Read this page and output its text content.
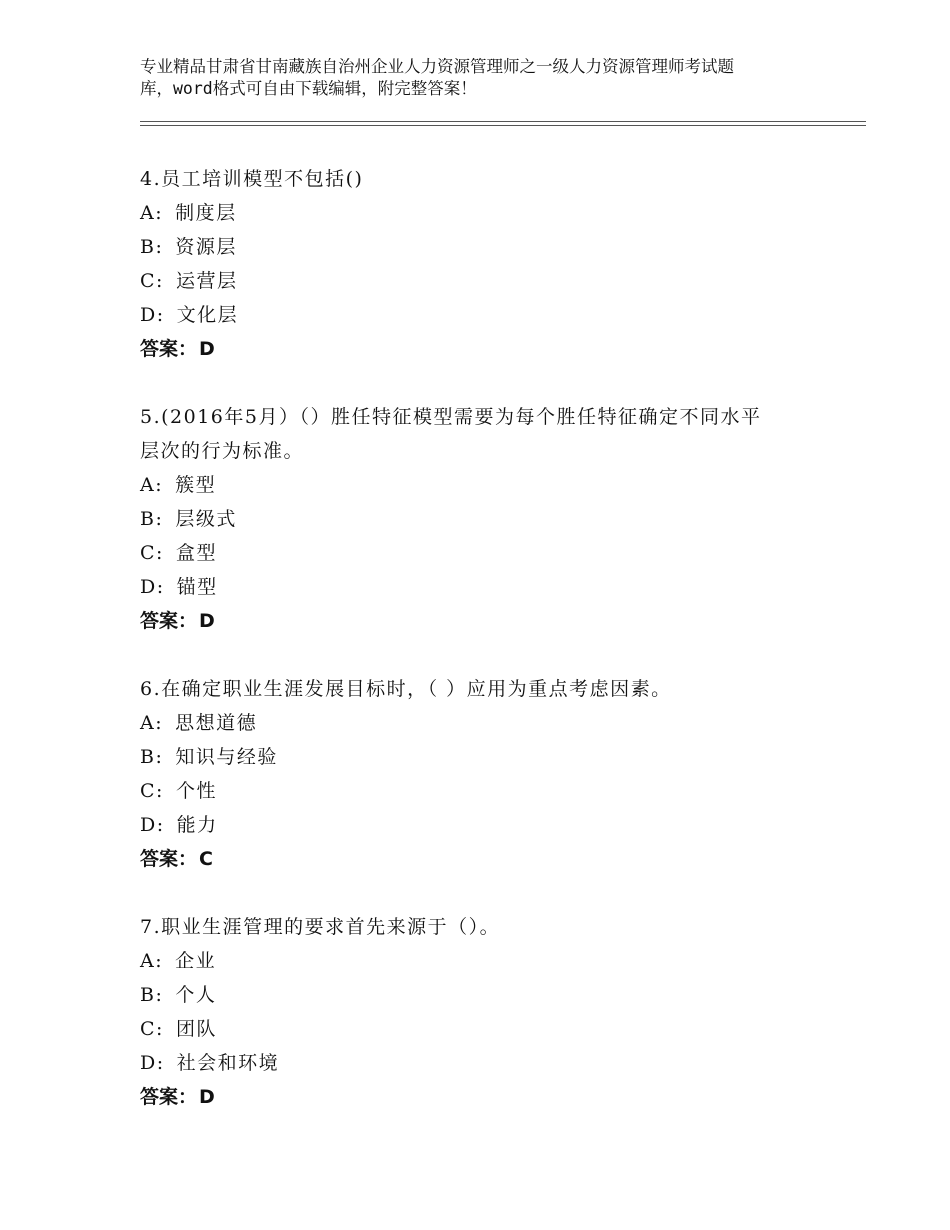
专业精品甘肃省甘南藏族自治州企业人力资源管理师之一级人力资源管理师考试题
库，word格式可自由下载编辑，附完整答案！
4.员工培训模型不包括()
A: 制度层
B: 资源层
C: 运营层
D: 文化层
答案： D
5.(2016年5月）（）胜任特征模型需要为每个胜任特征确定不同水平
层次的行为标准。
A: 簇型
B: 层级式
C: 盒型
D: 锚型
答案： D
6.在确定职业生涯发展目标时，（ ）应用为重点考虑因素。
A: 思想道德
B: 知识与经验
C: 个性
D: 能力
答案： C
7.职业生涯管理的要求首先来源于（）。
A: 企业
B: 个人
C: 团队
D: 社会和环境
答案： D
